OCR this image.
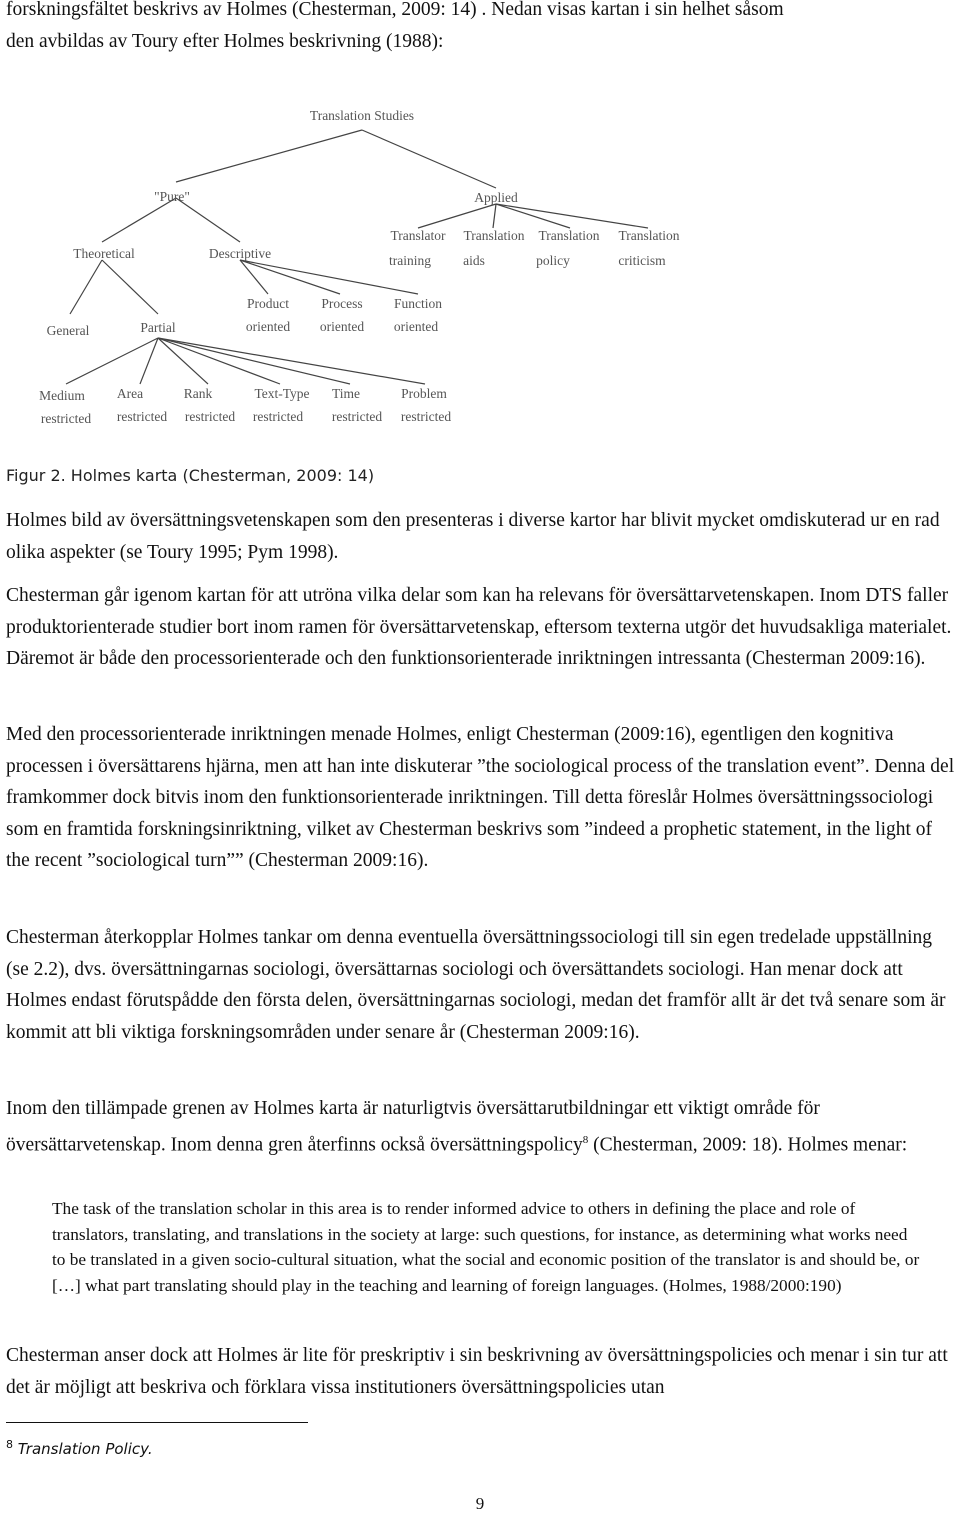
forskningsfältet beskrivs av Holmes (Chesterman, 2009: 14) . Nedan visas kartan i sin helhet såsom
den avbildas av Toury efter Holmes beskrivning (1988):
Translation Studies
"Pure"	Applied
Theoretical	Descriptive
Translator
training
Translation
aids
Translation
policy
Translation
criticism
Product
oriented
Process
oriented
Function
oriented
General	Partial
Medium
restricted
Area
restricted
Rank
restricted
Text-Type
restricted
Time
restricted
Problem
restricted
Figur 2. Holmes karta (Chesterman, 2009: 14)

Holmes bild av översättningsvetenskapen som den presenteras i diverse kartor har blivit mycket omdiskuterad ur en rad olika aspekter (se Toury 1995; Pym 1998).

Chesterman går igenom kartan för att utröna vilka delar som kan ha relevans för översättarvetenskapen. Inom DTS faller produktorienterade studier bort inom ramen för översättarvetenskap, eftersom texterna utgör det huvudsakliga materialet. Däremot är både den processorienterade och den funktionsorienterade inriktningen intressanta (Chesterman 2009:16).

Med den processorienterade inriktningen menade Holmes, enligt Chesterman (2009:16), egentligen den kognitiva processen i översättarens hjärna, men att han inte diskuterar ”the sociological process of the translation event”. Denna del framkommer dock bitvis inom den funktionsorienterade inriktningen. Till detta föreslår Holmes översättningssociologi som en framtida forskningsinriktning, vilket av Chesterman beskrivs som ”indeed a prophetic statement, in the light of the recent ”sociological turn”” (Chesterman 2009:16).

Chesterman återkopplar Holmes tankar om denna eventuella översättningssociologi till sin egen tredelade uppställning (se 2.2), dvs. översättningarnas sociologi, översättarnas sociologi och översättandets sociologi. Han menar dock att Holmes endast förutspådde den första delen, översättningarnas sociologi, medan det framför allt är det två senare som är kommit att bli viktiga forskningsområden under senare år (Chesterman 2009:16).

Inom den tillämpade grenen av Holmes karta är naturligtvis översättarutbildningar ett viktigt område för översättarvetenskap. Inom denna gren återfinns också översättningspolicy$^8$ (Chesterman, 2009: 18). Holmes menar:

The task of the translation scholar in this area is to render informed advice to others in defining the place and role of translators, translating, and translations in the society at large: such questions, for instance, as determining what works need to be translated in a given socio-cultural situation, what the social and economic position of the translator is and should be, or […] what part translating should play in the teaching and learning of foreign languages. (Holmes, 1988/2000:190)

Chesterman anser dock att Holmes är lite för preskriptiv i sin beskrivning av översättningspolicies och menar i sin tur att det är möjligt att beskriva och förklara vissa institutioners översättningspolicies utan

$^8$ Translation Policy.
9
